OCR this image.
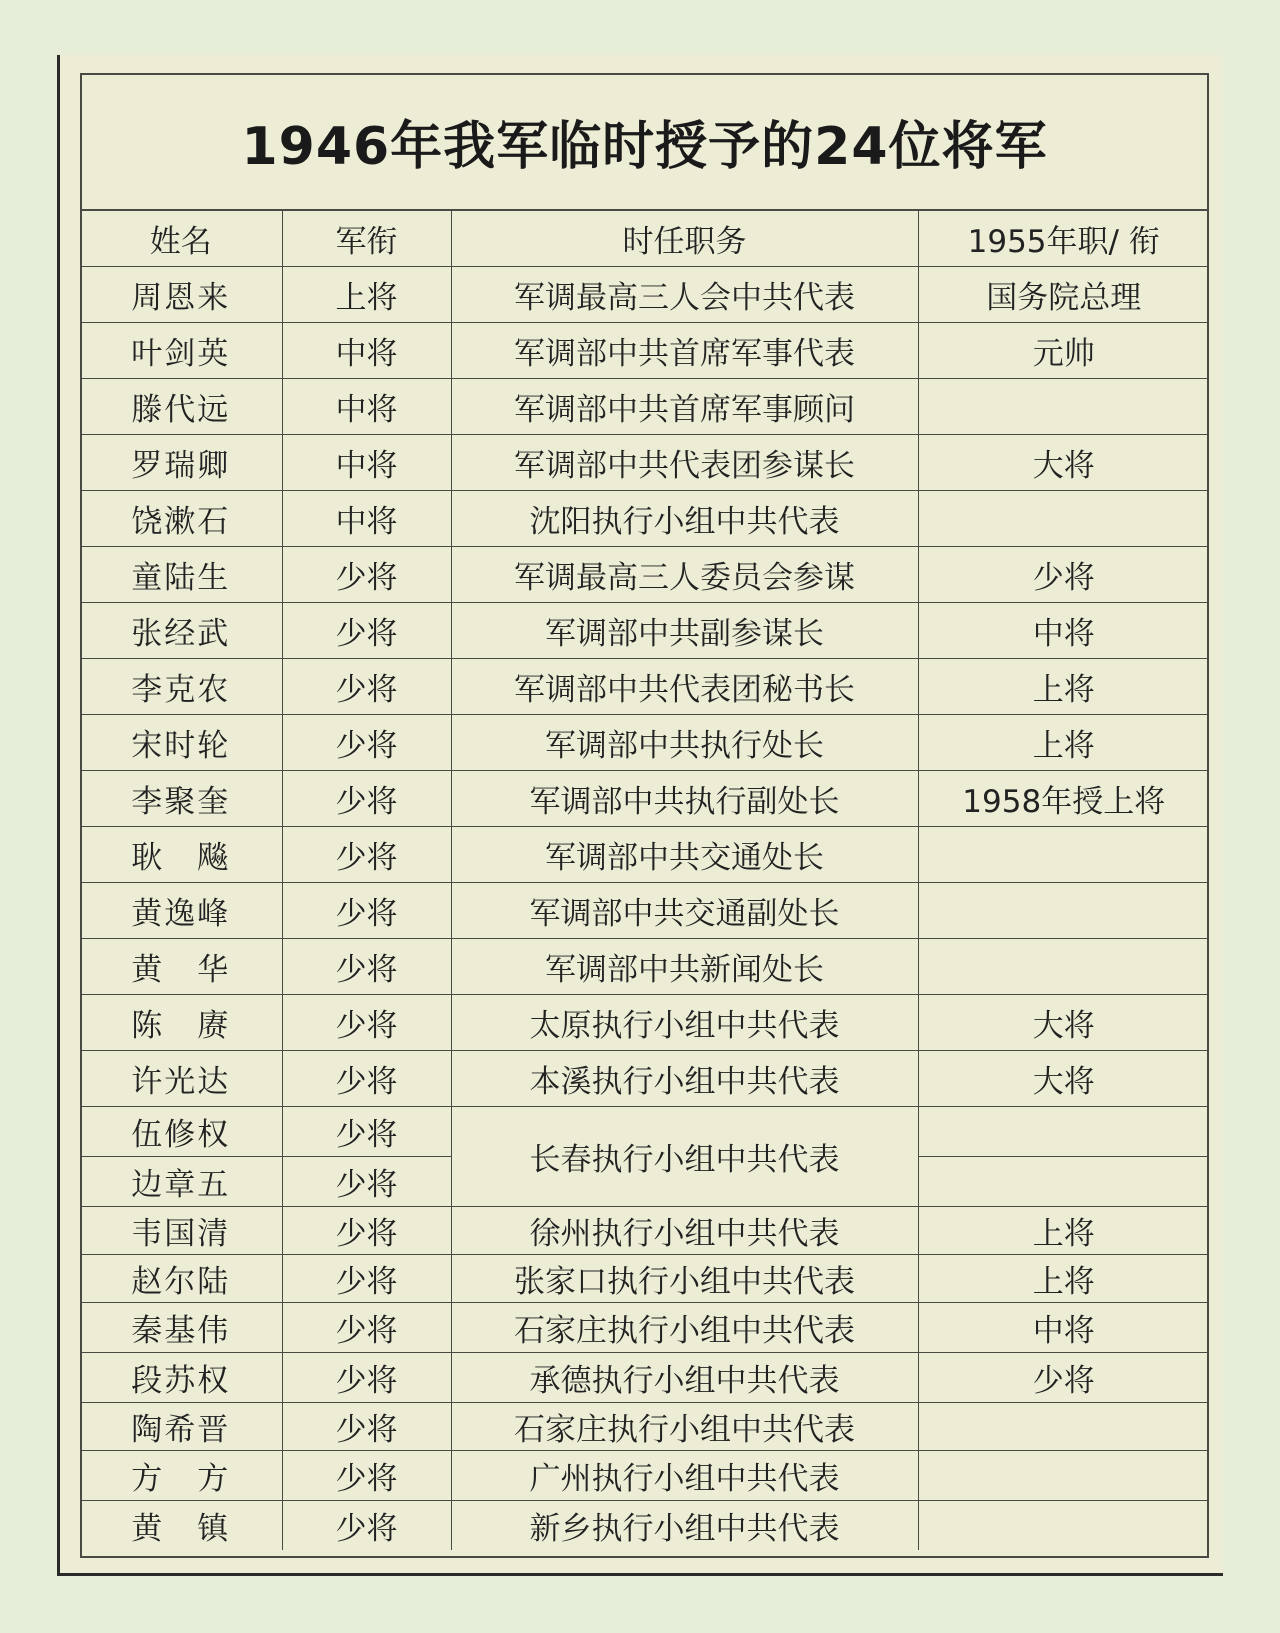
1946年我军临时授予的24位将军
姓名	军衔	时任职务	1955年职/ 衔
周恩来	上将	军调最高三人会中共代表	国务院总理
叶剑英	中将	军调部中共首席军事代表	元帅
滕代远	中将	军调部中共首席军事顾问	
罗瑞卿	中将	军调部中共代表团参谋长	大将
饶漱石	中将	沈阳执行小组中共代表	
童陆生	少将	军调最高三人委员会参谋	少将
张经武	少将	军调部中共副参谋长	中将
李克农	少将	军调部中共代表团秘书长	上将
宋时轮	少将	军调部中共执行处长	上将
李聚奎	少将	军调部中共执行副处长	1958年授上将
耿　飚	少将	军调部中共交通处长	
黄逸峰	少将	军调部中共交通副处长	
黄　华	少将	军调部中共新闻处长	
陈　赓	少将	太原执行小组中共代表	大将
许光达	少将	本溪执行小组中共代表	大将
伍修权	少将	长春执行小组中共代表	
边章五	少将		
韦国清	少将	徐州执行小组中共代表	上将
赵尔陆	少将	张家口执行小组中共代表	上将
秦基伟	少将	石家庄执行小组中共代表	中将
段苏权	少将	承德执行小组中共代表	少将
陶希晋	少将	石家庄执行小组中共代表	
方　方	少将	广州执行小组中共代表	
黄　镇	少将	新乡执行小组中共代表	
